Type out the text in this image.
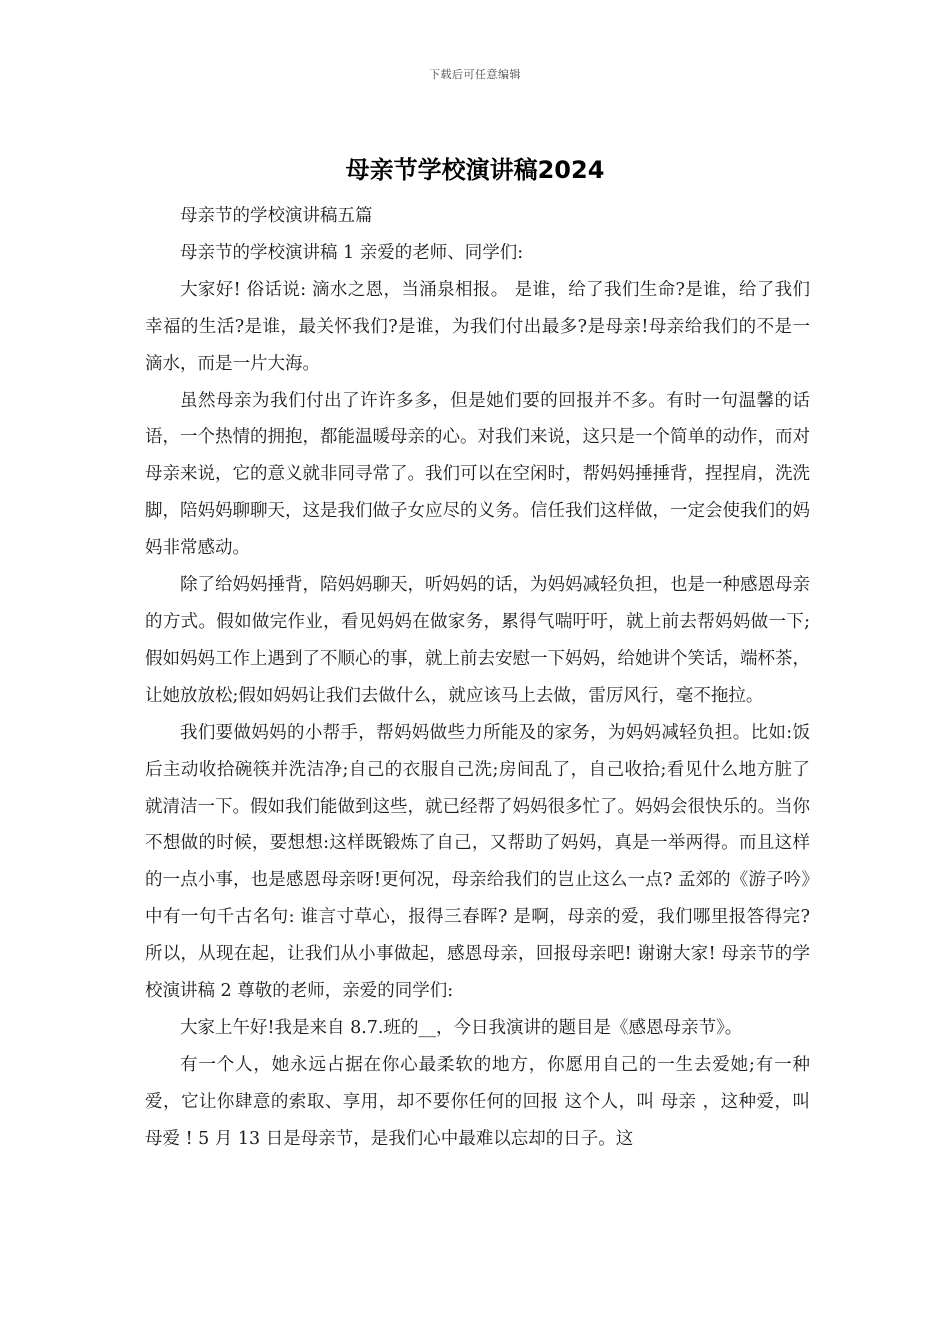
下载后可任意编辑
母亲节学校演讲稿2024

母亲节的学校演讲稿五篇

母亲节的学校演讲稿 1 亲爱的老师、同学们:

大家好! 俗话说: 滴水之恩，当涌泉相报。 是谁，给了我们生命?是谁，给了我们幸福的生活?是谁，最关怀我们?是谁，为我们付出最多?是母亲!母亲给我们的不是一滴水，而是一片大海。

虽然母亲为我们付出了许许多多，但是她们要的回报并不多。有时一句温馨的话语，一个热情的拥抱，都能温暖母亲的心。对我们来说，这只是一个简单的动作，而对母亲来说，它的意义就非同寻常了。我们可以在空闲时，帮妈妈捶捶背，捏捏肩，洗洗脚，陪妈妈聊聊天，这是我们做子女应尽的义务。信任我们这样做，一定会使我们的妈妈非常感动。

除了给妈妈捶背，陪妈妈聊天，听妈妈的话，为妈妈减轻负担，也是一种感恩母亲的方式。假如做完作业，看见妈妈在做家务，累得气喘吁吁，就上前去帮妈妈做一下;假如妈妈工作上遇到了不顺心的事，就上前去安慰一下妈妈，给她讲个笑话，端杯茶，让她放放松;假如妈妈让我们去做什么，就应该马上去做，雷厉风行，毫不拖拉。

我们要做妈妈的小帮手，帮妈妈做些力所能及的家务，为妈妈减轻负担。比如:饭后主动收拾碗筷并洗洁净;自己的衣服自己洗;房间乱了，自己收拾;看见什么地方脏了就清洁一下。假如我们能做到这些，就已经帮了妈妈很多忙了。妈妈会很快乐的。当你不想做的时候，要想想:这样既锻炼了自己，又帮助了妈妈，真是一举两得。而且这样的一点小事，也是感恩母亲呀!更何况，母亲给我们的岂止这么一点? 孟郊的《游子吟》中有一句千古名句: 谁言寸草心，报得三春晖? 是啊，母亲的爱，我们哪里报答得完?所以，从现在起，让我们从小事做起，感恩母亲，回报母亲吧! 谢谢大家! 母亲节的学校演讲稿 2 尊敬的老师，亲爱的同学们:

大家上午好!我是来自 8.7.班的__，今日我演讲的题目是《感恩母亲节》。

有一个人，她永远占据在你心最柔软的地方，你愿用自己的一生去爱她;有一种爱，它让你肆意的索取、享用，却不要你任何的回报 这个人，叫 母亲 ，这种爱，叫 母爱 ! 5 月 13 日是母亲节，是我们心中最难以忘却的日子。这
